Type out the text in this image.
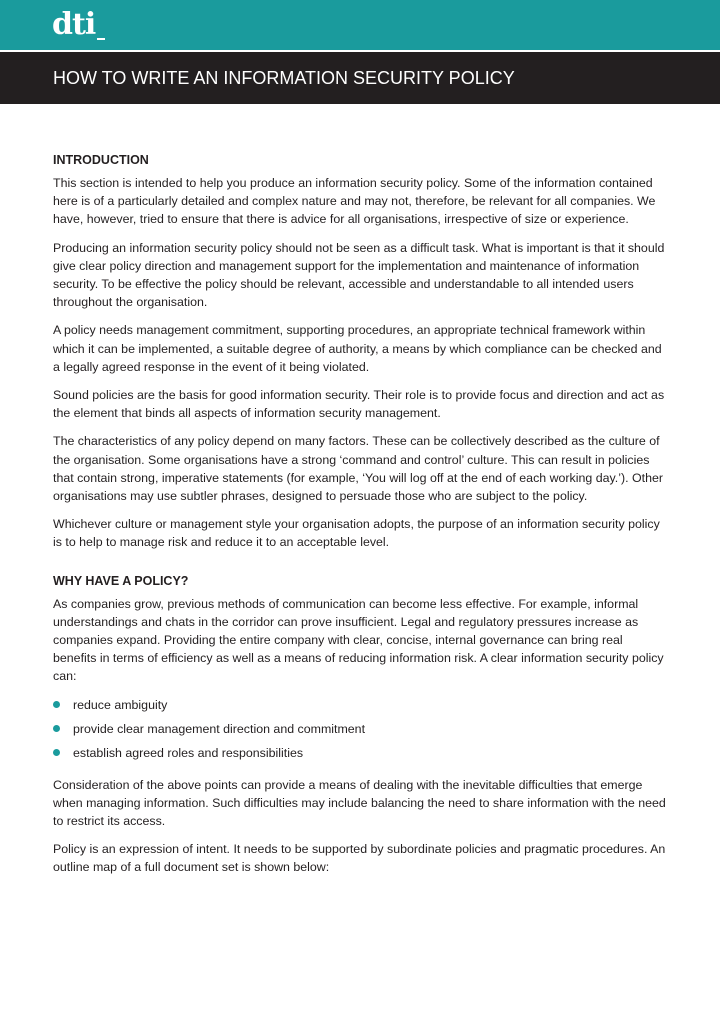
dti
HOW TO WRITE AN INFORMATION SECURITY POLICY
INTRODUCTION

This section is intended to help you produce an information security policy. Some of the information contained here is of a particularly detailed and complex nature and may not, therefore, be relevant for all companies. We have, however, tried to ensure that there is advice for all organisations, irrespective of size or experience.

Producing an information security policy should not be seen as a difficult task. What is important is that it should give clear policy direction and management support for the implementation and maintenance of information security. To be effective the policy should be relevant, accessible and understandable to all intended users throughout the organisation.

A policy needs management commitment, supporting procedures, an appropriate technical framework within which it can be implemented, a suitable degree of authority, a means by which compliance can be checked and a legally agreed response in the event of it being violated.

Sound policies are the basis for good information security. Their role is to provide focus and direction and act as the element that binds all aspects of information security management.

The characteristics of any policy depend on many factors. These can be collectively described as the culture of the organisation. Some organisations have a strong ‘command and control’ culture. This can result in policies that contain strong, imperative statements (for example, ‘You will log off at the end of each working day.’). Other organisations may use subtler phrases, designed to persuade those who are subject to the policy.

Whichever culture or management style your organisation adopts, the purpose of an information security policy is to help to manage risk and reduce it to an acceptable level.

WHY HAVE A POLICY?

As companies grow, previous methods of communication can become less effective. For example, informal understandings and chats in the corridor can prove insufficient. Legal and regulatory pressures increase as companies expand. Providing the entire company with clear, concise, internal governance can bring real benefits in terms of efficiency as well as a means of reducing information risk. A clear information security policy can:

reduce ambiguity
provide clear management direction and commitment
establish agreed roles and responsibilities

Consideration of the above points can provide a means of dealing with the inevitable difficulties that emerge when managing information. Such difficulties may include balancing the need to share information with the need to restrict its access.

Policy is an expression of intent. It needs to be supported by subordinate policies and pragmatic procedures. An outline map of a full document set is shown below:
